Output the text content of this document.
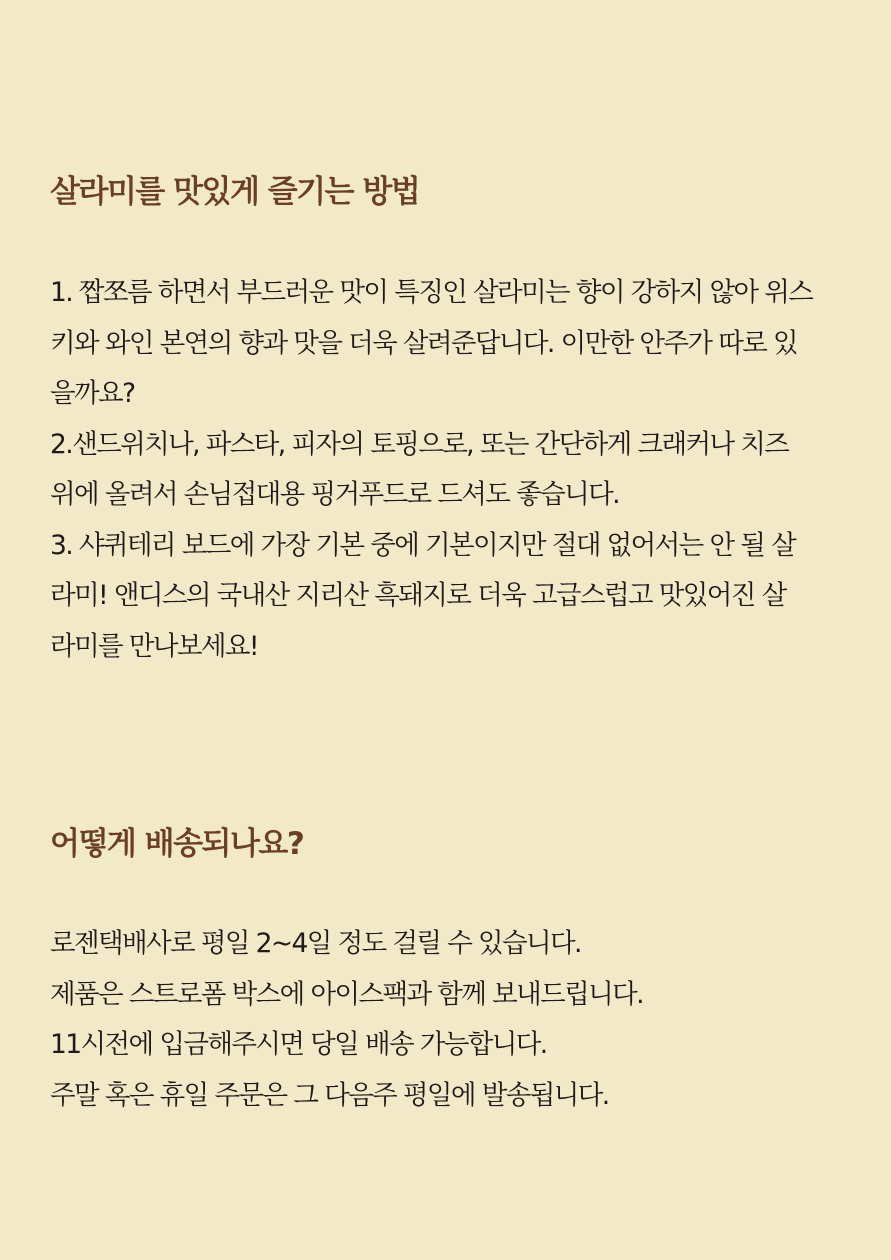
살라미를 맛있게 즐기는 방법

1. 짭쪼름 하면서 부드러운 맛이 특징인 살라미는 향이 강하지 않아 위스
키와 와인 본연의 향과 맛을 더욱 살려준답니다. 이만한 안주가 따로 있
을까요?
2.샌드위치나, 파스타, 피자의 토핑으로, 또는 간단하게 크래커나 치즈
위에 올려서 손님접대용 핑거푸드로 드셔도 좋습니다.
3. 샤퀴테리 보드에 가장 기본 중에 기본이지만 절대 없어서는 안 될 살
라미! 앤디스의 국내산 지리산 흑돼지로 더욱 고급스럽고 맛있어진 살
라미를 만나보세요!

어떻게 배송되나요?

로젠택배사로 평일 2~4일 정도 걸릴 수 있습니다.
제품은 스트로폼 박스에 아이스팩과 함께 보내드립니다.
11시전에 입금해주시면 당일 배송 가능합니다.
주말 혹은 휴일 주문은 그 다음주 평일에 발송됩니다.
